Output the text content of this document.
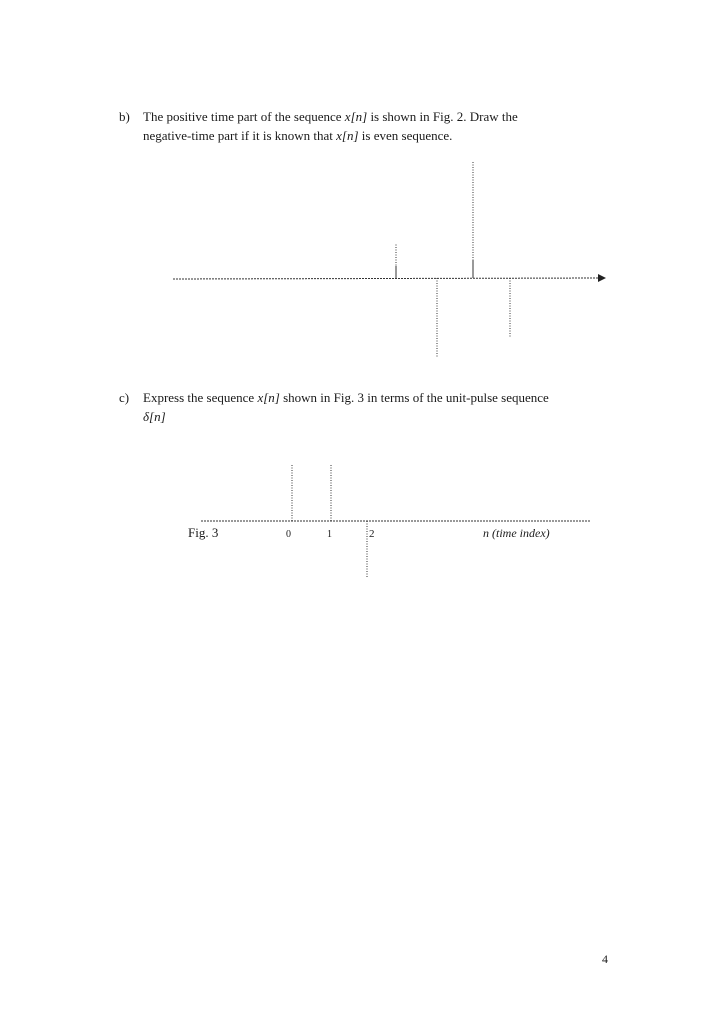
b) The positive time part of the sequence x[n] is shown in Fig. 2. Draw the
negative-time part if it is known that x[n] is even sequence.
Fig. 3	0	1	2	n (time index)
c) Express the sequence x[n] shown in Fig. 3 in terms of the unit-pulse sequence
δ[n]
4
